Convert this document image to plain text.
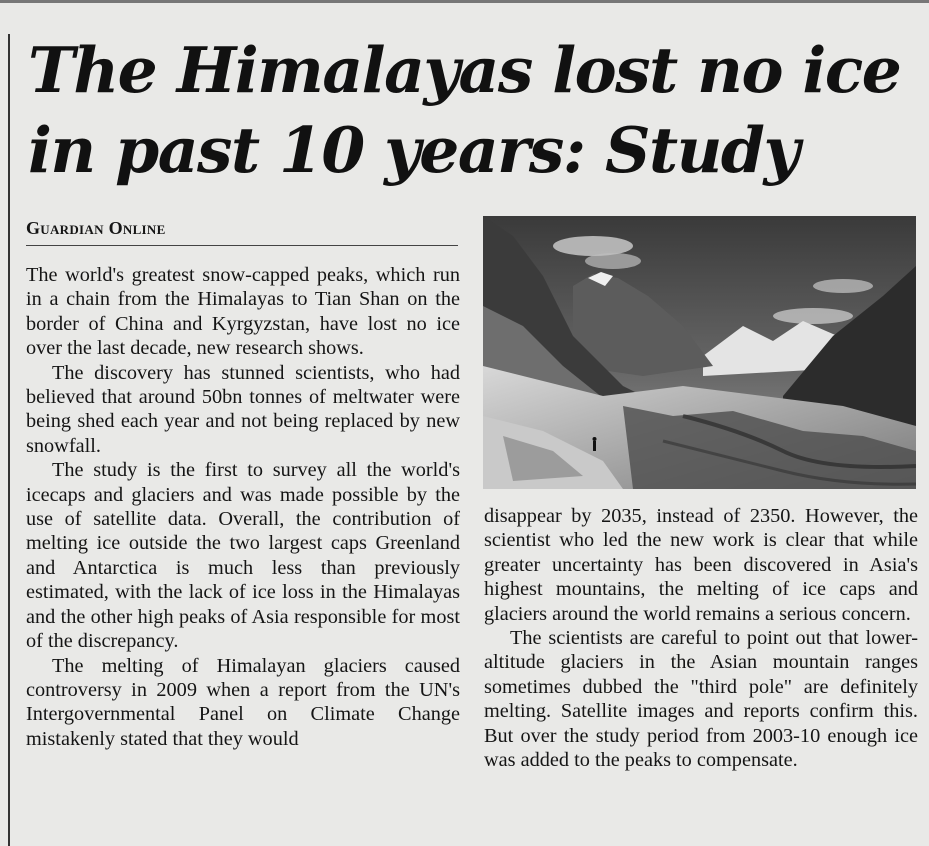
The Himalayas lost no ice
in past 10 years: Study
Guardian Online

The world's greatest snow-capped peaks, which run in a chain from the Himalayas to Tian Shan on the border of China and Kyrgyzstan, have lost no ice over the last decade, new research shows.

The discovery has stunned scientists, who had believed that around 50bn tonnes of meltwater were being shed each year and not being replaced by new snowfall.

The study is the first to survey all the world's icecaps and glaciers and was made possible by the use of satellite data. Overall, the contribution of melting ice outside the two largest caps Greenland and Antarctica is much less than previously estimated, with the lack of ice loss in the Himalayas and the other high peaks of Asia responsible for most of the discrepancy.

The melting of Himalayan glaciers caused controversy in 2009 when a report from the UN's Intergovernmental Panel on Climate Change mistakenly stated that they would

disappear by 2035, instead of 2350. However, the scientist who led the new work is clear that while greater uncertainty has been discovered in Asia's highest mountains, the melting of ice caps and glaciers around the world remains a serious concern.

The scientists are careful to point out that lower-altitude glaciers in the Asian mountain ranges sometimes dubbed the "third pole" are definitely melting. Satellite images and reports confirm this. But over the study period from 2003-10 enough ice was added to the peaks to compensate.
